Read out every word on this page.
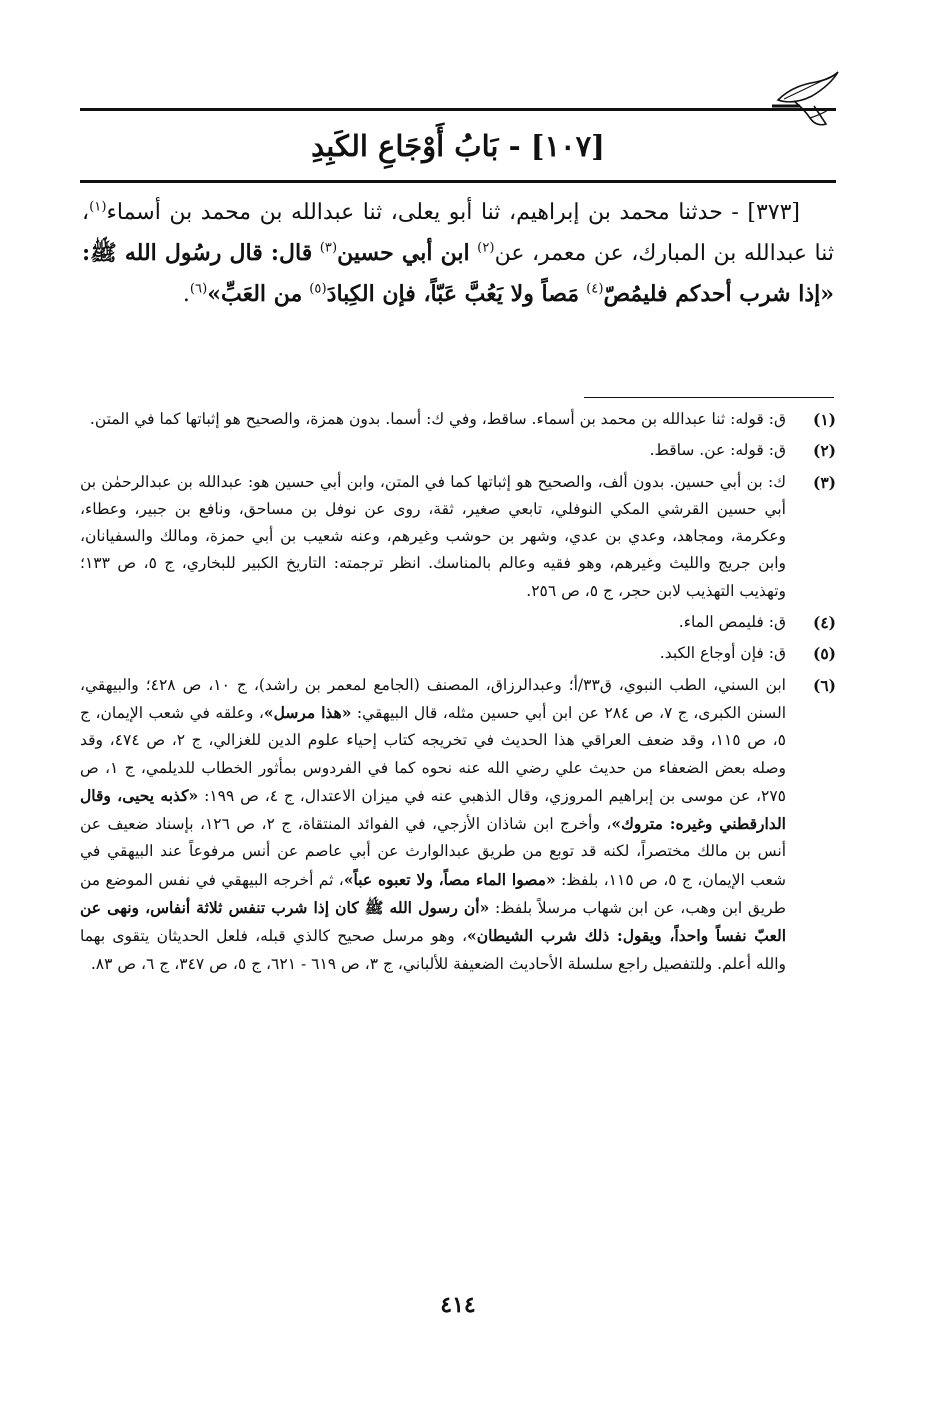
[١٠٧] - بَابُ أَوْجَاعِ الكَبِدِ

[٣٧٣] - حدثنا محمد بن إبراهيم، ثنا أبو يعلى، ثنا عبدالله بن محمد بن أسماء$^{(١)}$، ثنا عبدالله بن المبارك، عن معمر، عن$^{(٢)}$ ابن أبي حسين$^{(٣)}$ قال: قال رسُول الله ﷺ: «إذا شرب أحدكم فليمُصّ$^{(٤)}$ مَصاً ولا يَعُبَّ عَبّاً، فإن الكِبادَ$^{(٥)}$ من العَبِّ»$^{(٦)}$.

(١)
ق: قوله: ثنا عبدالله بن محمد بن أسماء. ساقط، وفي ك: أسما. بدون همزة، والصحيح هو إثباتها كما في المتن.
(٢)
ق: قوله: عن. ساقط.
(٣)
ك: بن أبي حسين. بدون ألف، والصحيح هو إثباتها كما في المتن، وابن أبي حسين هو: عبدالله بن عبدالرحمٰن بن أبي حسين القرشي المكي النوفلي، تابعي صغير، ثقة، روى عن نوفل بن مساحق، ونافع بن جبير، وعطاء، وعكرمة، ومجاهد، وعدي بن عدي، وشهر بن حوشب وغيرهم، وعنه شعيب بن أبي حمزة، ومالك والسفيانان، وابن جريج والليث وغيرهم، وهو فقيه وعالم بالمناسك. انظر ترجمته: التاريخ الكبير للبخاري، ج ٥، ص ١٣٣؛ وتهذيب التهذيب لابن حجر، ج ٥، ص ٢٥٦.
(٤)
ق: فليمص الماء.
(٥)
ق: فإن أوجاع الكبد.
(٦)
ابن السني، الطب النبوي، ق٣٣/أ؛ وعبدالرزاق، المصنف (الجامع لمعمر بن راشد)، ج ١٠، ص ٤٢٨؛ والبيهقي، السنن الكبرى، ج ٧، ص ٢٨٤ عن ابن أبي حسين مثله، قال البيهقي: «هذا مرسل»، وعلقه في شعب الإيمان، ج ٥، ص ١١٥، وقد ضعف العراقي هذا الحديث في تخريجه كتاب إحياء علوم الدين للغزالي، ج ٢، ص ٤٧٤، وقد وصله بعض الضعفاء من حديث علي رضي الله عنه نحوه كما في الفردوس بمأثور الخطاب للديلمي، ج ١، ص ٢٧٥، عن موسى بن إبراهيم المروزي، وقال الذهبي عنه في ميزان الاعتدال، ج ٤، ص ١٩٩: «كذبه يحيى، وقال الدارقطني وغيره: متروك»، وأخرج ابن شاذان الأزجي، في الفوائد المنتقاة، ج ٢، ص ١٢٦، بإسناد ضعيف عن أنس بن مالك مختصراً، لكنه قد توبع من طريق عبدالوارث عن أبي عاصم عن أنس مرفوعاً عند البيهقي في شعب الإيمان، ج ٥، ص ١١٥، بلفظ: «مصوا الماء مصاً، ولا تعبوه عباً»، ثم أخرجه البيهقي في نفس الموضع من طريق ابن وهب، عن ابن شهاب مرسلاً بلفظ: «أن رسول الله ﷺ كان إذا شرب تنفس ثلاثة أنفاس، ونهى عن العبّ نفساً واحداً، ويقول: ذلك شرب الشيطان»، وهو مرسل صحيح كالذي قبله، فلعل الحديثان يتقوى بهما والله أعلم. وللتفصيل راجع سلسلة الأحاديث الضعيفة للألباني، ج ٣، ص ٦١٩ - ٦٢١، ج ٥، ص ٣٤٧، ج ٦، ص ٨٣.
٤١٤
